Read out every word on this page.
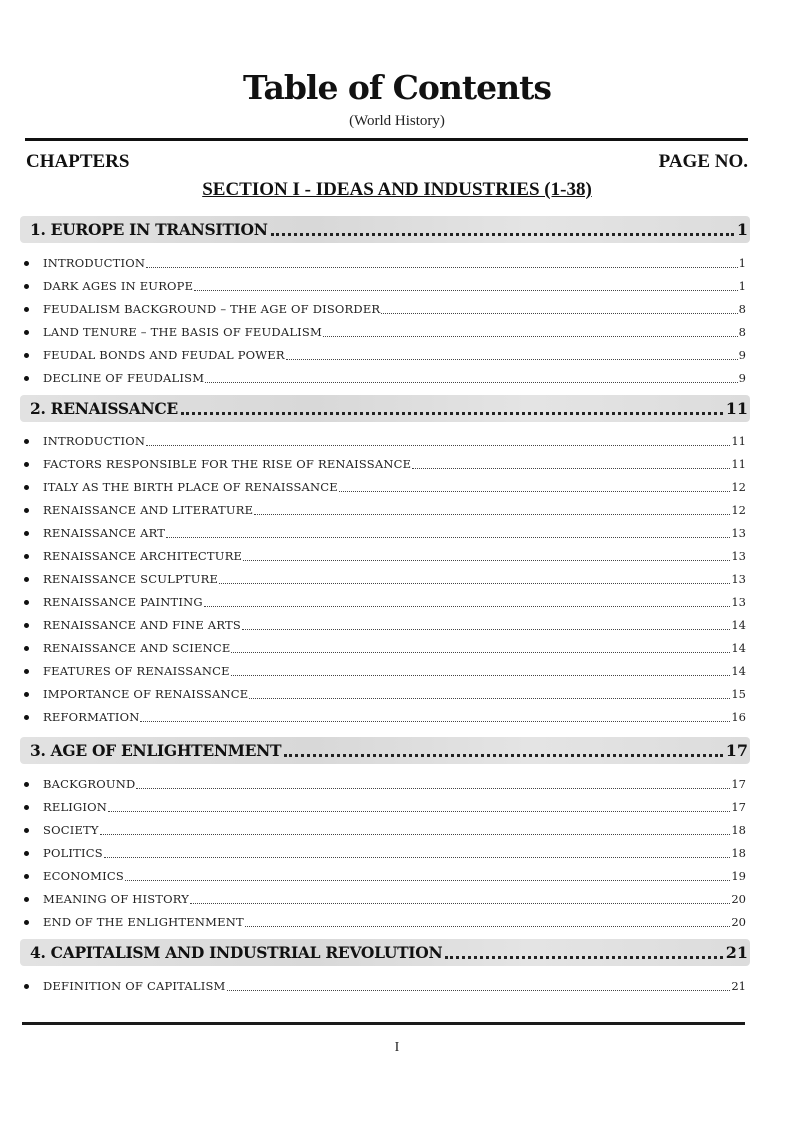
Table of Contents
(World History)
CHAPTERS	PAGE NO.
SECTION I - IDEAS AND INDUSTRIES (1-38)
1. EUROPE IN TRANSITION	1
INTRODUCTION	1
DARK AGES IN EUROPE	1
FEUDALISM BACKGROUND – THE AGE OF DISORDER	8
LAND TENURE – THE BASIS OF FEUDALISM	8
FEUDAL BONDS AND FEUDAL POWER	9
DECLINE OF FEUDALISM	9
2. RENAISSANCE	11
INTRODUCTION	11
FACTORS RESPONSIBLE FOR THE RISE OF RENAISSANCE	11
ITALY AS THE BIRTH PLACE OF RENAISSANCE	12
RENAISSANCE AND LITERATURE	12
RENAISSANCE ART	13
RENAISSANCE ARCHITECTURE	13
RENAISSANCE SCULPTURE	13
RENAISSANCE PAINTING	13
RENAISSANCE AND FINE ARTS	14
RENAISSANCE AND SCIENCE	14
FEATURES OF RENAISSANCE	14
IMPORTANCE OF RENAISSANCE	15
REFORMATION	16
3. AGE OF ENLIGHTENMENT	17
BACKGROUND	17
RELIGION	17
SOCIETY	18
POLITICS	18
ECONOMICS	19
MEANING OF HISTORY	20
END OF THE ENLIGHTENMENT	20
4. CAPITALISM AND INDUSTRIAL REVOLUTION	21
DEFINITION OF CAPITALISM	21
I
